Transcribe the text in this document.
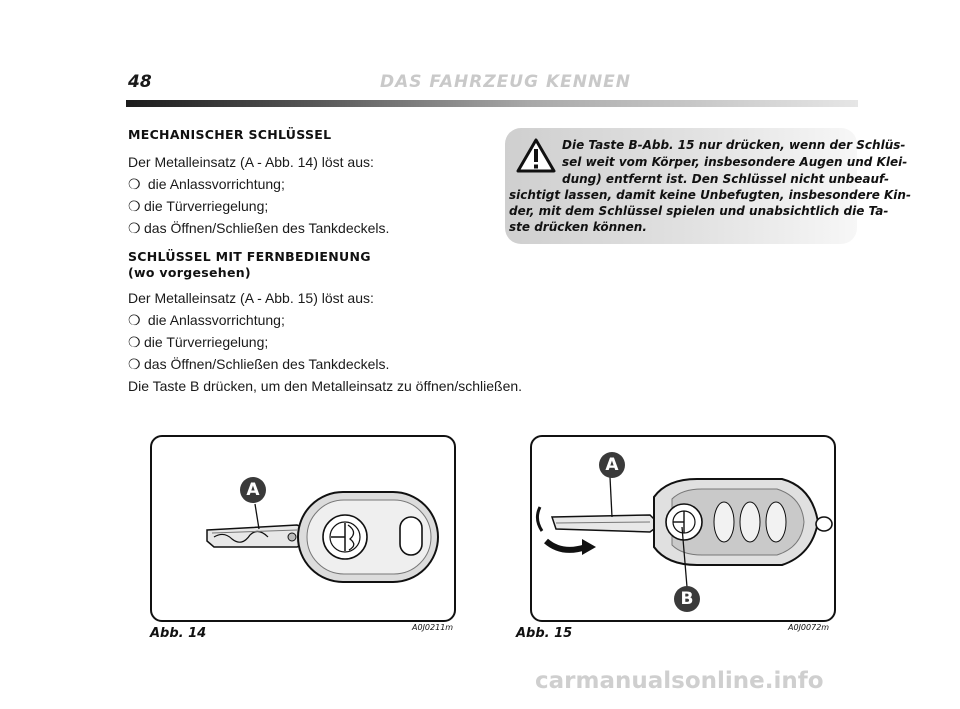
48	DAS FAHRZEUG KENNEN
MECHANISCHER SCHLÜSSEL
Der Metalleinsatz (A - Abb. 14) löst aus:
❍ die Anlassvorrichtung;
❍ die Türverriegelung;
❍ das Öffnen/Schließen des Tankdeckels.
SCHLÜSSEL MIT FERNBEDIENUNG
(wo vorgesehen)
Der Metalleinsatz (A - Abb. 15) löst aus:
❍ die Anlassvorrichtung;
❍ die Türverriegelung;
❍ das Öffnen/Schließen des Tankdeckels.
Die Taste B drücken, um den Metalleinsatz zu öffnen/schließen.
Die Taste B-Abb. 15 nur drücken, wenn der Schlüs-
sel weit vom Körper, insbesondere Augen und Klei-
dung) entfernt ist. Den Schlüssel nicht unbeauf-
sichtigt lassen, damit keine Unbefugten, insbesondere Kin-
der, mit dem Schlüssel spielen und unabsichtlich die Ta-
ste drücken können.
A
Abb. 14	A0J0211m
A
B
Abb. 15	A0J0072m
carmanualsonline.info
